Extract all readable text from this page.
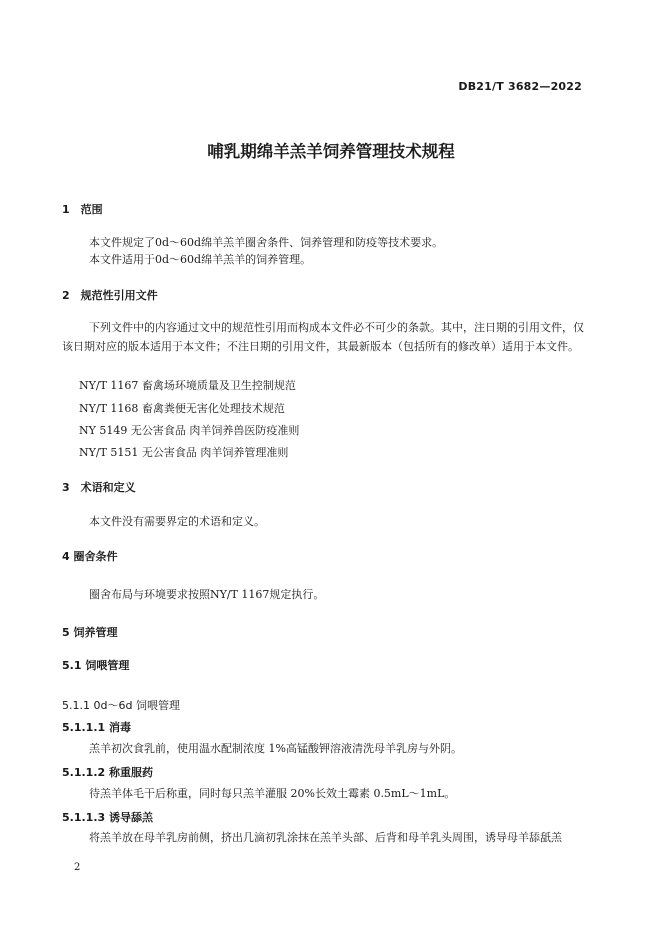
DB21/T 3682—2022
哺乳期绵羊羔羊饲养管理技术规程
1　范围
本文件规定了0d～60d绵羊羔羊圈舍条件、饲养管理和防疫等技术要求。
本文件适用于0d～60d绵羊羔羊的饲养管理。
2　规范性引用文件
下列文件中的内容通过文中的规范性引用而构成本文件必不可少的条款。其中，注日期的引用文件，仅该日期对应的版本适用于本文件；不注日期的引用文件，其最新版本（包括所有的修改单）适用于本文件。
NY/T 1167 畜禽场环境质量及卫生控制规范
NY/T 1168 畜禽粪便无害化处理技术规范
NY 5149 无公害食品 肉羊饲养兽医防疫准则
NY/T 5151 无公害食品 肉羊饲养管理准则
3　术语和定义
本文件没有需要界定的术语和定义。
4 圈舍条件
圈舍布局与环境要求按照NY/T 1167规定执行。
5 饲养管理
5.1 饲喂管理
5.1.1 0d～6d 饲喂管理
5.1.1.1 消毒
羔羊初次食乳前，使用温水配制浓度 1%高锰酸钾溶液清洗母羊乳房与外阴。
5.1.1.2 称重服药
待羔羊体毛干后称重，同时每只羔羊灌服 20%长效土霉素 0.5mL～1mL。
5.1.1.3 诱导舔羔
将羔羊放在母羊乳房前侧，挤出几滴初乳涂抹在羔羊头部、后背和母羊乳头周围，诱导母羊舔舐羔
2
